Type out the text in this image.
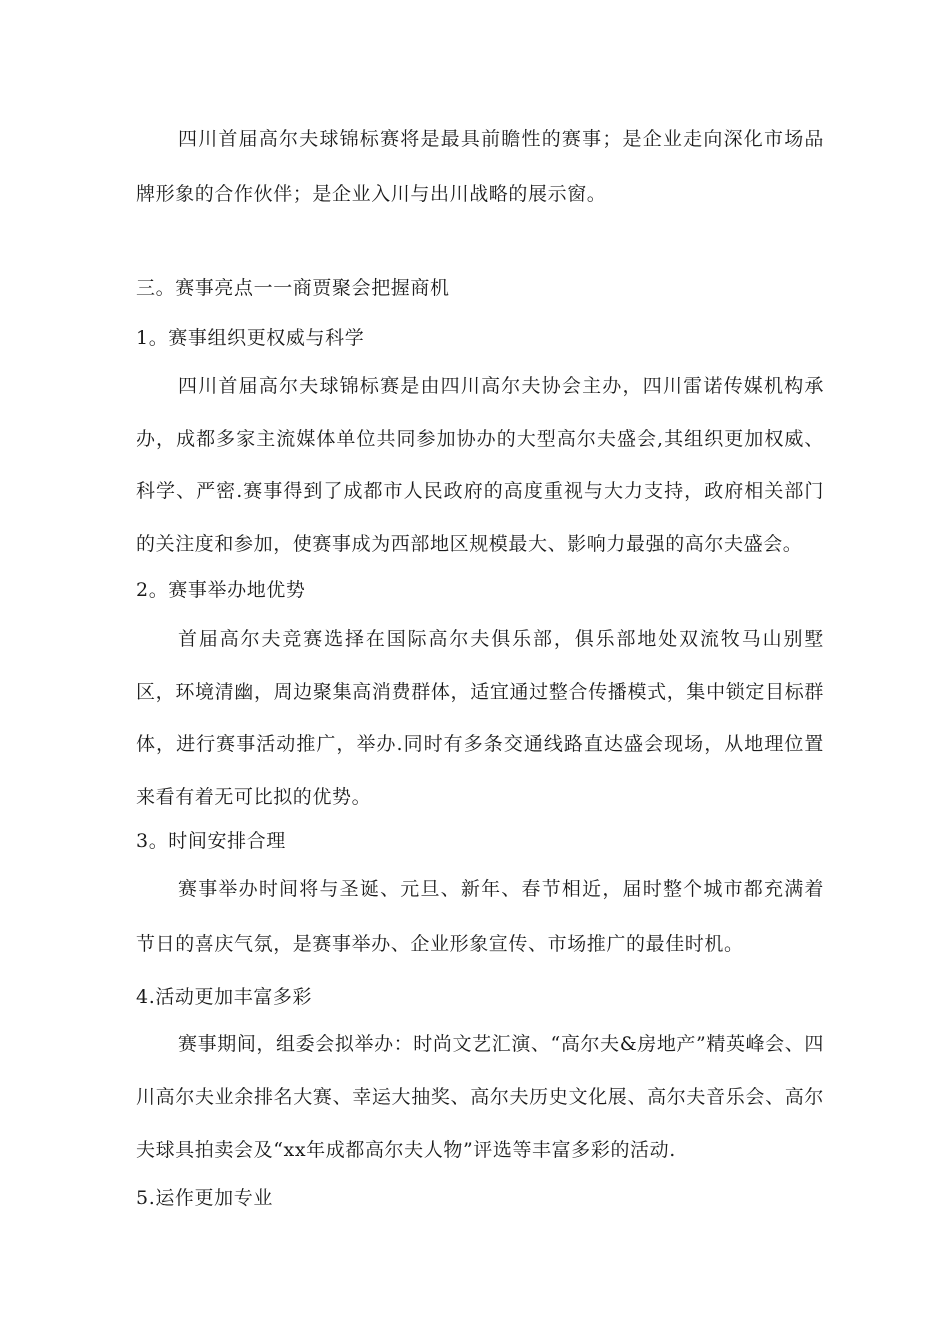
四川首届高尔夫球锦标赛将是最具前瞻性的赛事；是企业走向深化市场品牌形象的合作伙伴；是企业入川与出川战略的展示窗。

三。赛事亮点一一商贾聚会把握商机

1。赛事组织更权威与科学

四川首届高尔夫球锦标赛是由四川高尔夫协会主办，四川雷诺传媒机构承办，成都多家主流媒体单位共同参加协办的大型高尔夫盛会,其组织更加权威、科学、严密.赛事得到了成都市人民政府的高度重视与大力支持，政府相关部门的关注度和参加，使赛事成为西部地区规模最大、影响力最强的高尔夫盛会。

2。赛事举办地优势

首届高尔夫竞赛选择在国际高尔夫俱乐部，俱乐部地处双流牧马山别墅区，环境清幽，周边聚集高消费群体，适宜通过整合传播模式，集中锁定目标群体，进行赛事活动推广，举办.同时有多条交通线路直达盛会现场，从地理位置来看有着无可比拟的优势。

3。时间安排合理

赛事举办时间将与圣诞、元旦、新年、春节相近，届时整个城市都充满着节日的喜庆气氛，是赛事举办、企业形象宣传、市场推广的最佳时机。

4.活动更加丰富多彩

赛事期间，组委会拟举办：时尚文艺汇演、“高尔夫&房地产”精英峰会、四川高尔夫业余排名大赛、幸运大抽奖、高尔夫历史文化展、高尔夫音乐会、高尔夫球具拍卖会及“xx年成都高尔夫人物”评选等丰富多彩的活动.

5.运作更加专业
